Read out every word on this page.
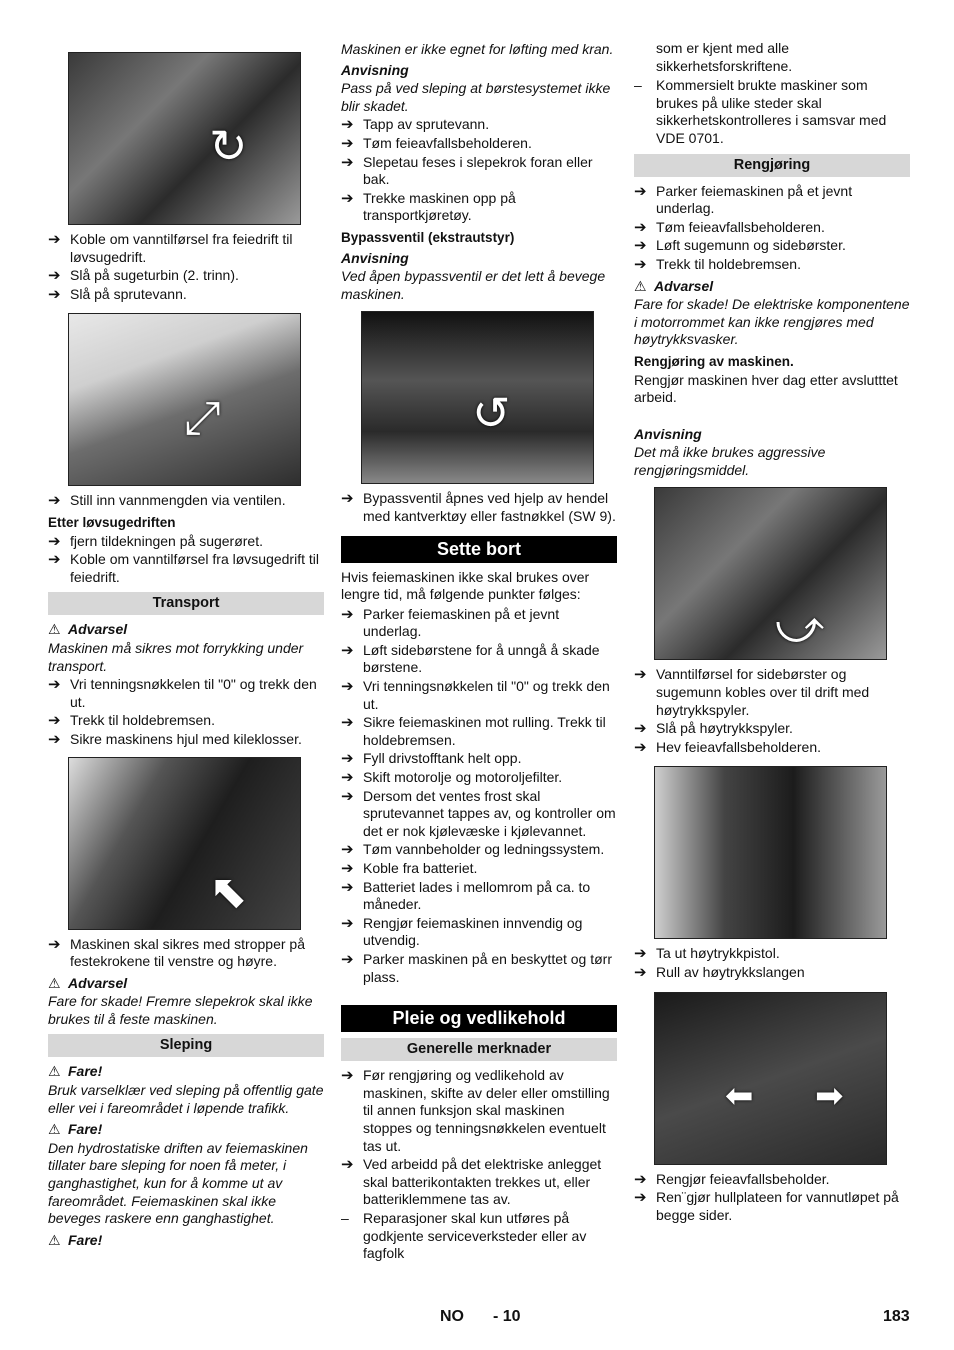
↻
➔ Koble om vanntilførsel fra feiedrift til løvsugedrift.
➔ Slå på sugeturbin (2. trinn).
➔ Slå på sprutevann.
⤢
➔ Still inn vannmengden via ventilen.
Etter løvsugedriften
➔ fjern tildekningen på sugerøret.
➔ Koble om vanntilførsel fra løvsugedrift til feiedrift.
Transport
⚠ Advarsel
Maskinen må sikres mot forrykking under transport.
➔ Vri tenningsnøkkelen til "0" og trekk den ut.
➔ Trekk til holdebremsen.
➔ Sikre maskinens hjul med kileklosser.
⬉
➔ Maskinen skal sikres med stropper på festekrokene til venstre og høyre.
⚠ Advarsel
Fare for skade! Fremre slepekrok skal ikke brukes til å feste maskinen.
Sleping
⚠ Fare!
Bruk varselklær ved sleping på offentlig gate eller vei i fareområdet i løpende trafikk.
⚠ Fare!
Den hydrostatiske driften av feiemaskinen tillater bare sleping for noen få meter, i ganghastighet, kun for å komme ut av fareområdet. Feiemaskinen skal ikke beveges raskere enn ganghastighet.
⚠ Fare!
Maskinen er ikke egnet for løfting med kran.
Anvisning
Pass på ved sleping at børstesystemet ikke blir skadet.
➔ Tapp av sprutevann.
➔ Tøm feieavfallsbeholderen.
➔ Slepetau feses i slepekrok foran eller bak.
➔ Trekke maskinen opp på transportkjøretøy.
Bypassventil (ekstrautstyr)
Anvisning
Ved åpen bypassventil er det lett å bevege maskinen.
↺
➔ Bypassventil åpnes ved hjelp av hendel med kantverktøy eller fastnøkkel (SW 9).
Sette bort
Hvis feiemaskinen ikke skal brukes over lengre tid, må følgende punkter følges:
➔ Parker feiemaskinen på et jevnt underlag.
➔ Løft sidebørstene for å unngå å skade børstene.
➔ Vri tenningsnøkkelen til "0" og trekk den ut.
➔ Sikre feiemaskinen mot rulling. Trekk til holdebremsen.
➔ Fyll drivstofftank helt opp.
➔ Skift motorolje og motoroljefilter.
➔ Dersom det ventes frost skal sprutevannet tappes av, og kontroller om det er nok kjølevæske i kjølevannet.
➔ Tøm vannbeholder og ledningssystem.
➔ Koble fra batteriet.
➔ Batteriet lades i mellomrom på ca. to måneder.
➔ Rengjør feiemaskinen innvendig og utvendig.
➔ Parker maskinen på en beskyttet og tørr plass.
Pleie og vedlikehold
Generelle merknader
➔ Før rengjøring og vedlikehold av maskinen, skifte av deler eller omstilling til annen funksjon skal maskinen stoppes og tenningsnøkkelen eventuelt tas ut.
➔ Ved arbeidd på det elektriske anlegget skal batterikontakten trekkes ut, eller batteriklemmene tas av.
–	Reparasjoner skal kun utføres på godkjente serviceverksteder eller av fagfolk
som er kjent med alle sikkerhetsforskriftene.
–	Kommersielt brukte maskiner som brukes på ulike steder skal sikkerhetskontrolleres i samsvar med VDE 0701.
Rengjøring
➔ Parker feiemaskinen på et jevnt underlag.
➔ Tøm feieavfallsbeholderen.
➔ Løft sugemunn og sidebørster.
➔ Trekk til holdebremsen.
⚠ Advarsel
Fare for skade! De elektriske komponentene i motorrommet kan ikke rengjøres med høytrykksvasker.
Rengjøring av maskinen.
Rengjør maskinen hver dag etter avslutttet arbeid.
Anvisning
Det må ikke brukes aggressive rengjøringsmiddel.
⤻
➔ Vanntilførsel for sidebørster og sugemunn kobles over til drift med høytrykkspyler.
➔ Slå på høytrykkspyler.
➔ Hev feieavfallsbeholderen.
➔ Ta ut høytrykkpistol.
➔ Rull av høytrykkslangen
⬅ ➡
➔ Rengjør feieavfallsbeholder.
➔ Ren¨gjør hullplateen for vannutløpet på begge sider.
NO - 10	183
